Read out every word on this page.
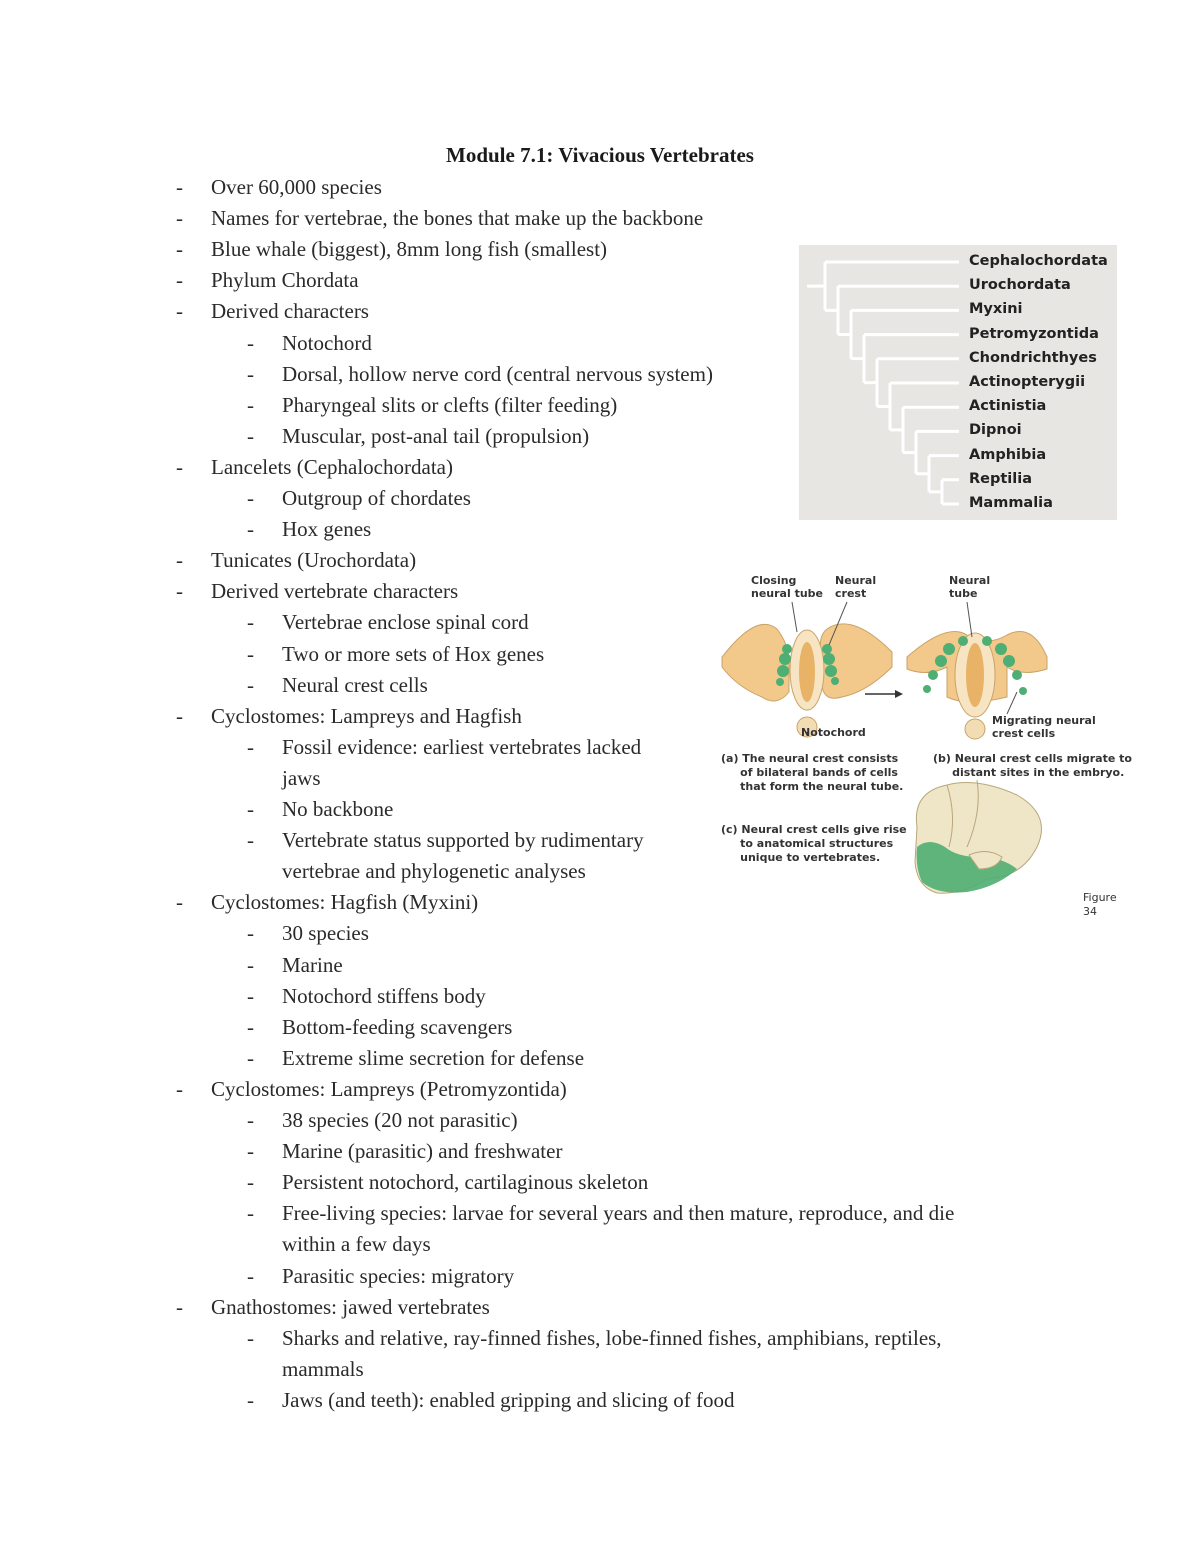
Module 7.1: Vivacious Vertebrates
- Over 60,000 species
- Names for vertebrae, the bones that make up the backbone
- Blue whale (biggest), 8mm long fish (smallest)
- Phylum Chordata
- Derived characters
- Notochord
- Dorsal, hollow nerve cord (central nervous system)
- Pharyngeal slits or clefts (filter feeding)
- Muscular, post-anal tail (propulsion)
- Lancelets (Cephalochordata)
- Outgroup of chordates
- Hox genes
- Tunicates (Urochordata)
- Derived vertebrate characters
- Vertebrae enclose spinal cord
- Two or more sets of Hox genes
- Neural crest cells
- Cyclostomes: Lampreys and Hagfish
- Fossil evidence: earliest vertebrates lacked
jaws
- No backbone
- Vertebrate status supported by rudimentary
vertebrae and phylogenetic analyses
- Cyclostomes: Hagfish (Myxini)
- 30 species
- Marine
- Notochord stiffens body
- Bottom-feeding scavengers
- Extreme slime secretion for defense
- Cyclostomes: Lampreys (Petromyzontida)
- 38 species (20 not parasitic)
- Marine (parasitic) and freshwater
- Persistent notochord, cartilaginous skeleton
- Free-living species: larvae for several years and then mature, reproduce, and die
within a few days
- Parasitic species: migratory
- Gnathostomes: jawed vertebrates
- Sharks and relative, ray-finned fishes, lobe-finned fishes, amphibians, reptiles,
mammals
- Jaws (and teeth): enabled gripping and slicing of food
Cephalochordata
Urochordata
Myxini
Petromyzontida
Chondrichthyes
Actinopterygii
Actinistia
Dipnoi
Amphibia
Reptilia
Mammalia
Closing
neural tube
Neural
crest
Neural
tube
Notochord
Migrating neural
crest cells
(a) The neural crest consists
of bilateral bands of cells
that form the neural tube.
(b) Neural crest cells migrate to
distant sites in the embryo.
(c) Neural crest cells give rise
to anatomical structures
unique to vertebrates.
Figure 34
